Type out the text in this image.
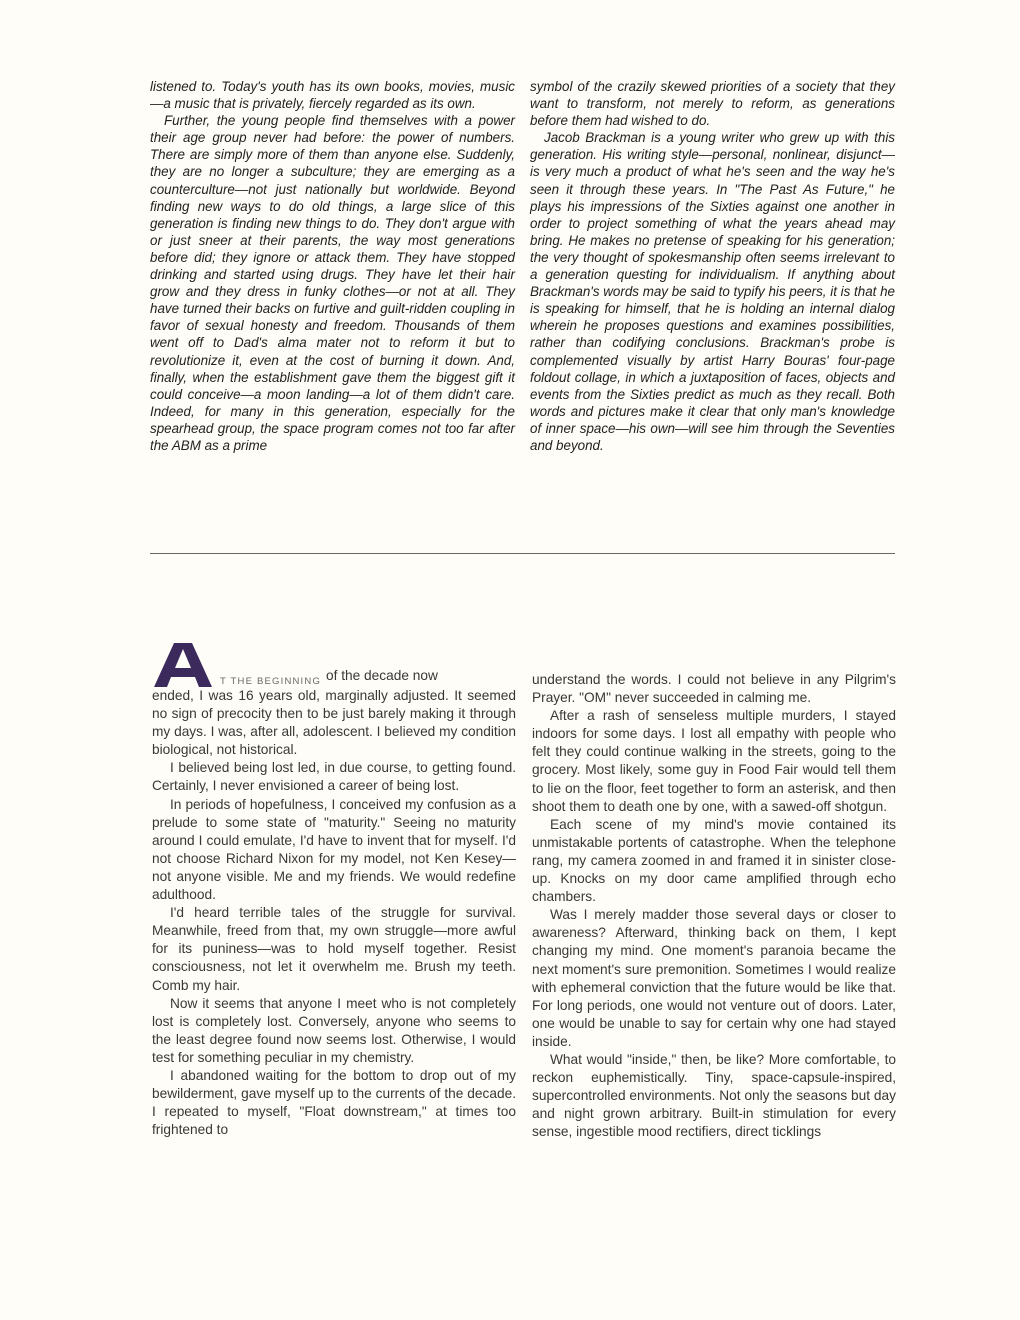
listened to. Today's youth has its own books, movies, music—a music that is privately, fiercely regarded as its own.

Further, the young people find themselves with a power their age group never had before: the power of numbers. There are simply more of them than anyone else. Suddenly, they are no longer a subculture; they are emerging as a counterculture—not just nationally but worldwide. Beyond finding new ways to do old things, a large slice of this generation is finding new things to do. They don't argue with or just sneer at their parents, the way most generations before did; they ignore or attack them. They have stopped drinking and started using drugs. They have let their hair grow and they dress in funky clothes—or not at all. They have turned their backs on furtive and guilt-ridden coupling in favor of sexual honesty and freedom. Thousands of them went off to Dad's alma mater not to reform it but to revolutionize it, even at the cost of burning it down. And, finally, when the establishment gave them the biggest gift it could conceive—a moon landing—a lot of them didn't care. Indeed, for many in this generation, especially for the spearhead group, the space program comes not too far after the ABM as a prime

symbol of the crazily skewed priorities of a society that they want to transform, not merely to reform, as generations before them had wished to do.

Jacob Brackman is a young writer who grew up with this generation. His writing style—personal, nonlinear, disjunct—is very much a product of what he's seen and the way he's seen it through these years. In "The Past As Future," he plays his impressions of the Sixties against one another in order to project something of what the years ahead may bring. He makes no pretense of speaking for his generation; the very thought of spokesmanship often seems irrelevant to a generation questing for individualism. If anything about Brackman's words may be said to typify his peers, it is that he is speaking for himself, that he is holding an internal dialog wherein he proposes questions and examines possibilities, rather than codifying conclusions. Brackman's probe is complemented visually by artist Harry Bouras' four-page foldout collage, in which a juxtaposition of faces, objects and events from the Sixties predict as much as they recall. Both words and pictures make it clear that only man's knowledge of inner space—his own—will see him through the Seventies and beyond.

T THE BEGINNING of the decade now

ended, I was 16 years old, marginally adjusted. It seemed no sign of precocity then to be just barely making it through my days. I was, after all, adolescent. I believed my condition biological, not historical.

I believed being lost led, in due course, to getting found. Certainly, I never envisioned a career of being lost.

In periods of hopefulness, I conceived my confusion as a prelude to some state of "maturity." Seeing no maturity around I could emulate, I'd have to invent that for myself. I'd not choose Richard Nixon for my model, not Ken Kesey—not anyone visible. Me and my friends. We would redefine adulthood.

I'd heard terrible tales of the struggle for survival. Meanwhile, freed from that, my own struggle—more awful for its puniness—was to hold myself together. Resist consciousness, not let it overwhelm me. Brush my teeth. Comb my hair.

Now it seems that anyone I meet who is not completely lost is completely lost. Conversely, anyone who seems to the least degree found now seems lost. Otherwise, I would test for something peculiar in my chemistry.

I abandoned waiting for the bottom to drop out of my bewilderment, gave myself up to the currents of the decade. I repeated to myself, "Float downstream," at times too frightened to

understand the words. I could not believe in any Pilgrim's Prayer. "OM" never succeeded in calming me.

After a rash of senseless multiple murders, I stayed indoors for some days. I lost all empathy with people who felt they could continue walking in the streets, going to the grocery. Most likely, some guy in Food Fair would tell them to lie on the floor, feet together to form an asterisk, and then shoot them to death one by one, with a sawed-off shotgun.

Each scene of my mind's movie contained its unmistakable portents of catastrophe. When the telephone rang, my camera zoomed in and framed it in sinister close-up. Knocks on my door came amplified through echo chambers.

Was I merely madder those several days or closer to awareness? Afterward, thinking back on them, I kept changing my mind. One moment's paranoia became the next moment's sure premonition. Sometimes I would realize with ephemeral conviction that the future would be like that. For long periods, one would not venture out of doors. Later, one would be unable to say for certain why one had stayed inside.

What would "inside," then, be like? More comfortable, to reckon euphemistically. Tiny, space-capsule-inspired, supercontrolled environments. Not only the seasons but day and night grown arbitrary. Built-in stimulation for every sense, ingestible mood rectifiers, direct ticklings
